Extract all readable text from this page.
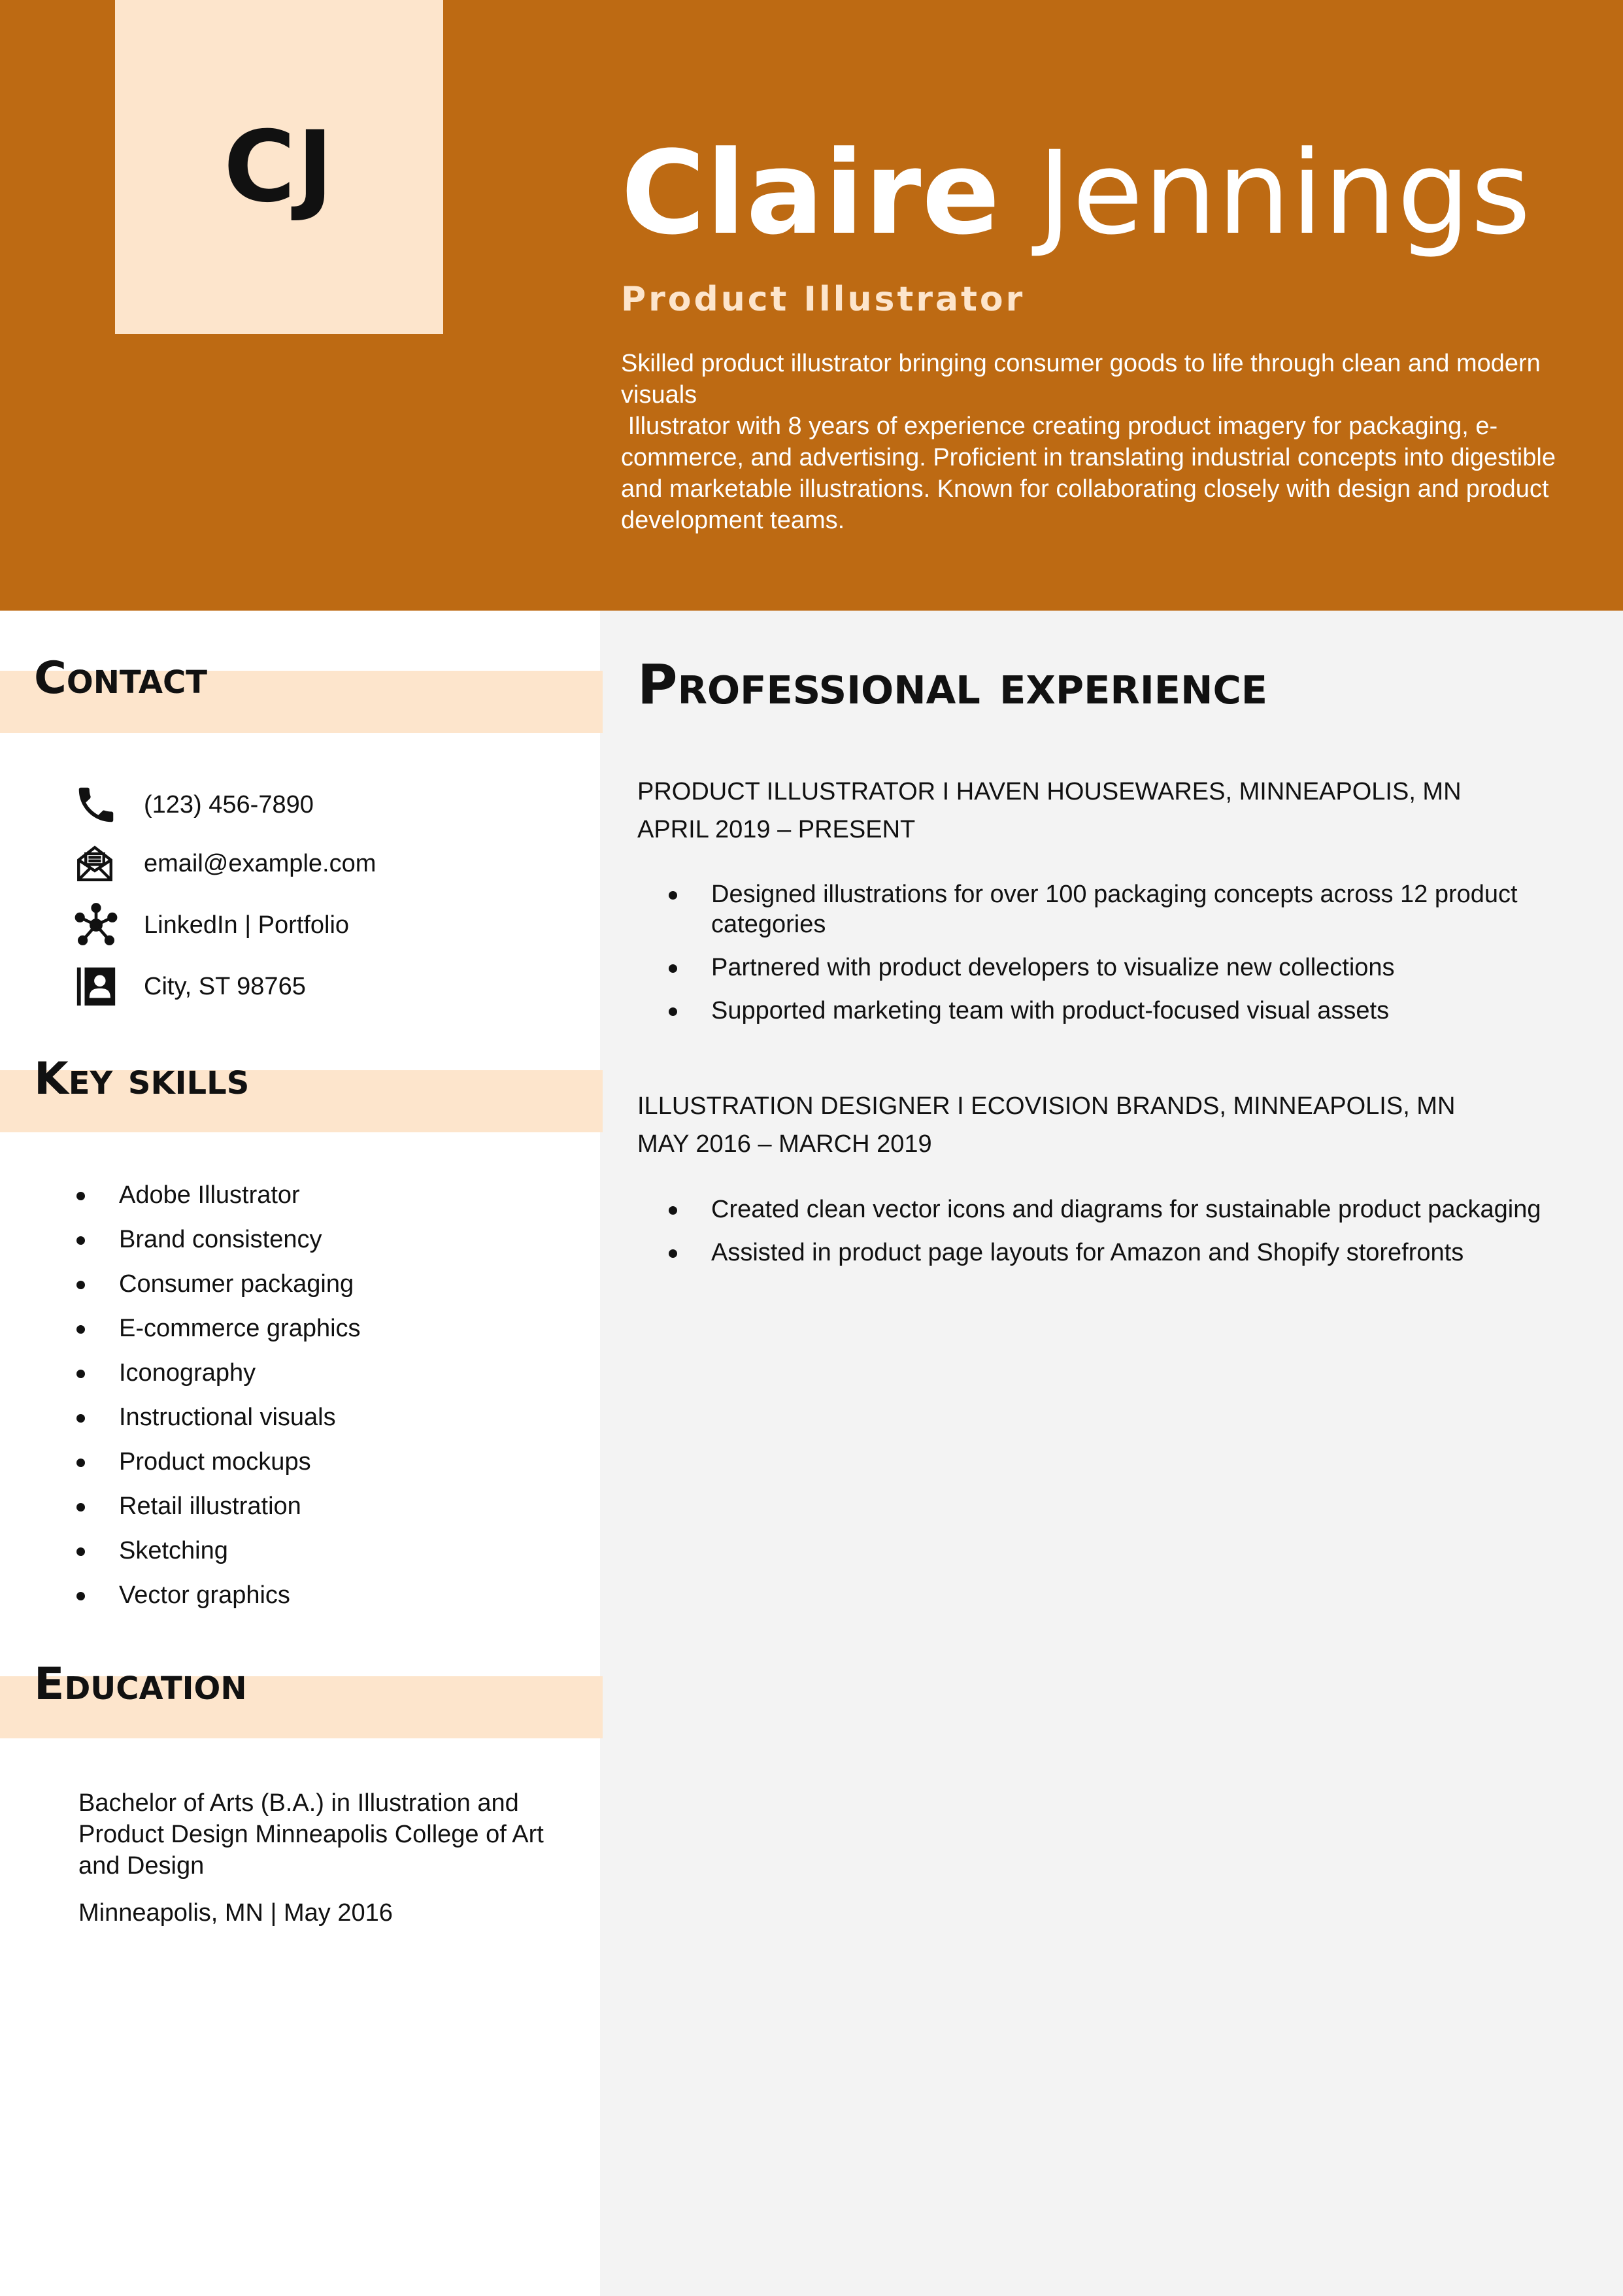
CJ Claire Jennings
Product Illustrator

Skilled product illustrator bringing consumer goods to life through clean and modern visuals

Illustrator with 8 years of experience creating product imagery for packaging, e-commerce, and advertising. Proficient in translating industrial concepts into digestible and marketable illustrations. Known for collaborating closely with design and product development teams.

Contact
(123) 456-7890
email@example.com
LinkedIn | Portfolio
City, ST 98765
Key skills
Adobe Illustrator
Brand consistency
Consumer packaging
E-commerce graphics
Iconography
Instructional visuals
Product mockups
Retail illustration
Sketching
Vector graphics
Education
Bachelor of Arts (B.A.) in Illustration and Product Design Minneapolis College of Art and Design
Minneapolis, MN | May 2016
Professional experience
PRODUCT ILLUSTRATOR I HAVEN HOUSEWARES, MINNEAPOLIS, MN
APRIL 2019 – PRESENT
Designed illustrations for over 100 packaging concepts across 12 product categories
Partnered with product developers to visualize new collections
Supported marketing team with product-focused visual assets
ILLUSTRATION DESIGNER I ECOVISION BRANDS, MINNEAPOLIS, MN
MAY 2016 – MARCH 2019
Created clean vector icons and diagrams for sustainable product packaging
Assisted in product page layouts for Amazon and Shopify storefronts
